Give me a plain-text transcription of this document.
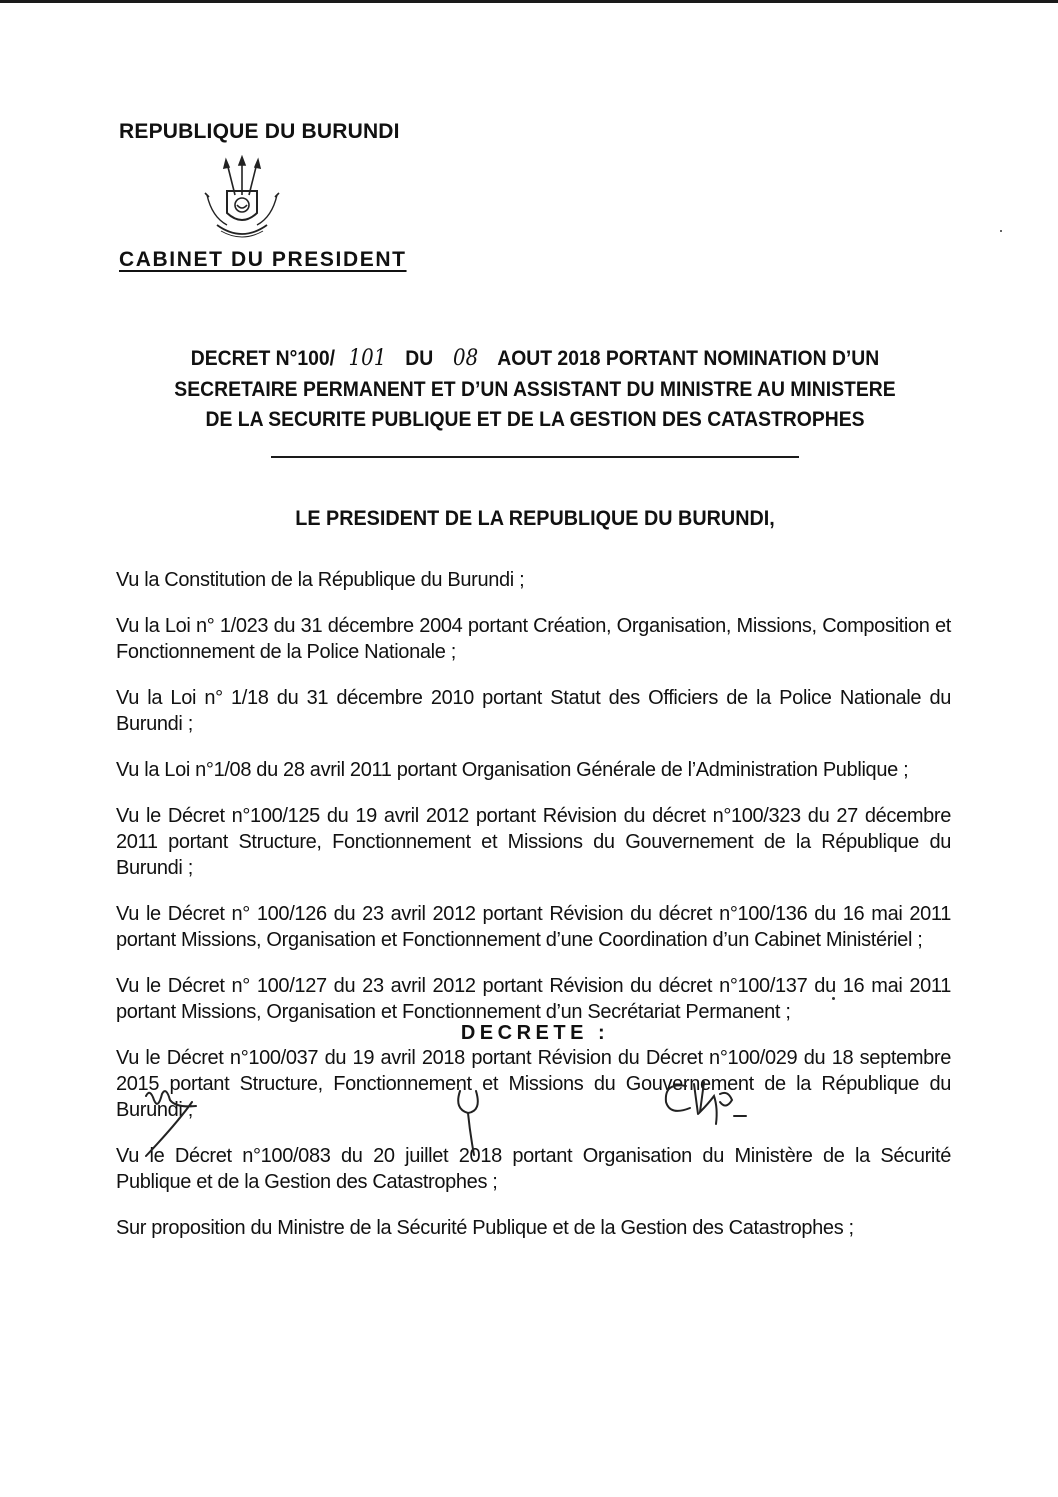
REPUBLIQUE DU BURUNDI
CABINET DU PRESIDENT
DECRET N°100/ 101 DU 08 AOUT 2018 PORTANT NOMINATION D’UN
SECRETAIRE PERMANENT ET D’UN ASSISTANT DU MINISTRE AU MINISTERE
DE LA SECURITE PUBLIQUE ET DE LA GESTION DES CATASTROPHES
LE PRESIDENT DE LA REPUBLIQUE DU BURUNDI,

Vu la Constitution de la République du Burundi ;

Vu la Loi n° 1/023 du 31 décembre 2004 portant Création, Organisation, Missions, Composition et Fonctionnement de la Police Nationale ;

Vu la Loi n° 1/18 du 31 décembre 2010 portant Statut des Officiers de la Police Nationale du Burundi ;

Vu la Loi n°1/08 du 28 avril 2011 portant Organisation Générale de l’Administration Publique ;

Vu le Décret n°100/125 du 19 avril 2012 portant Révision du décret n°100/323 du 27 décembre 2011 portant Structure, Fonctionnement et Missions du Gouvernement de la République du Burundi ;

Vu le Décret n° 100/126 du 23 avril 2012 portant Révision du décret n°100/136 du 16 mai 2011 portant Missions, Organisation et Fonctionnement d’une Coordination d’un Cabinet Ministériel ;

Vu le Décret n° 100/127 du 23 avril 2012 portant Révision du décret n°100/137 du 16 mai 2011 portant Missions, Organisation et Fonctionnement d’un Secrétariat Permanent ;

Vu le Décret n°100/037 du 19 avril 2018 portant Révision du Décret n°100/029 du 18 septembre 2015 portant Structure, Fonctionnement et Missions du Gouvernement de la République du Burundi ;

Vu le Décret n°100/083 du 20 juillet 2018 portant Organisation du Ministère de la Sécurité Publique et de la Gestion des Catastrophes ;

Sur proposition du Ministre de la Sécurité Publique et de la Gestion des Catastrophes ;

DECRETE :
